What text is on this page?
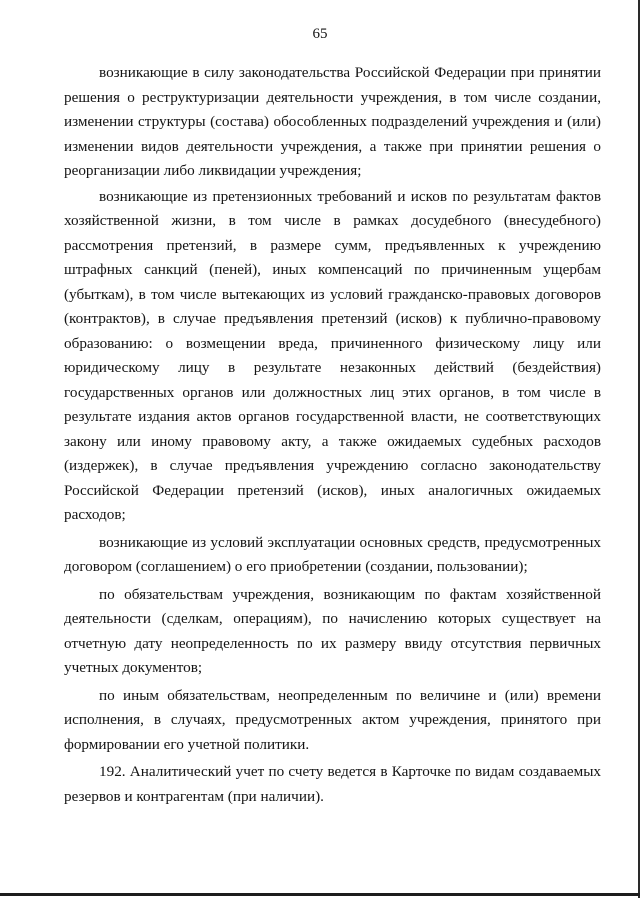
65

возникающие в силу законодательства Российской Федерации при принятии решения о реструктуризации деятельности учреждения, в том числе создании, изменении структуры (состава) обособленных подразделений учреждения и (или) изменении видов деятельности учреждения, а также при принятии решения о реорганизации либо ликвидации учреждения;

возникающие из претензионных требований и исков по результатам фактов хозяйственной жизни, в том числе в рамках досудебного (внесудебного) рассмотрения претензий, в размере сумм, предъявленных к учреждению штрафных санкций (пеней), иных компенсаций по причиненным ущербам (убыткам), в том числе вытекающих из условий гражданско-правовых договоров (контрактов), в случае предъявления претензий (исков) к публично-правовому образованию: о возмещении вреда, причиненного физическому лицу или юридическому лицу в результате незаконных действий (бездействия) государственных органов или должностных лиц этих органов, в том числе в результате издания актов органов государственной власти, не соответствующих закону или иному правовому акту, а также ожидаемых судебных расходов (издержек), в случае предъявления учреждению согласно законодательству Российской Федерации претензий (исков), иных аналогичных ожидаемых расходов;

возникающие из условий эксплуатации основных средств, предусмотренных договором (соглашением) о его приобретении (создании, пользовании);

по обязательствам учреждения, возникающим по фактам хозяйственной деятельности (сделкам, операциям), по начислению которых существует на отчетную дату неопределенность по их размеру ввиду отсутствия первичных учетных документов;

по иным обязательствам, неопределенным по величине и (или) времени исполнения, в случаях, предусмотренных актом учреждения, принятого при формировании его учетной политики.

192. Аналитический учет по счету ведется в Карточке по видам создаваемых резервов и контрагентам (при наличии).
